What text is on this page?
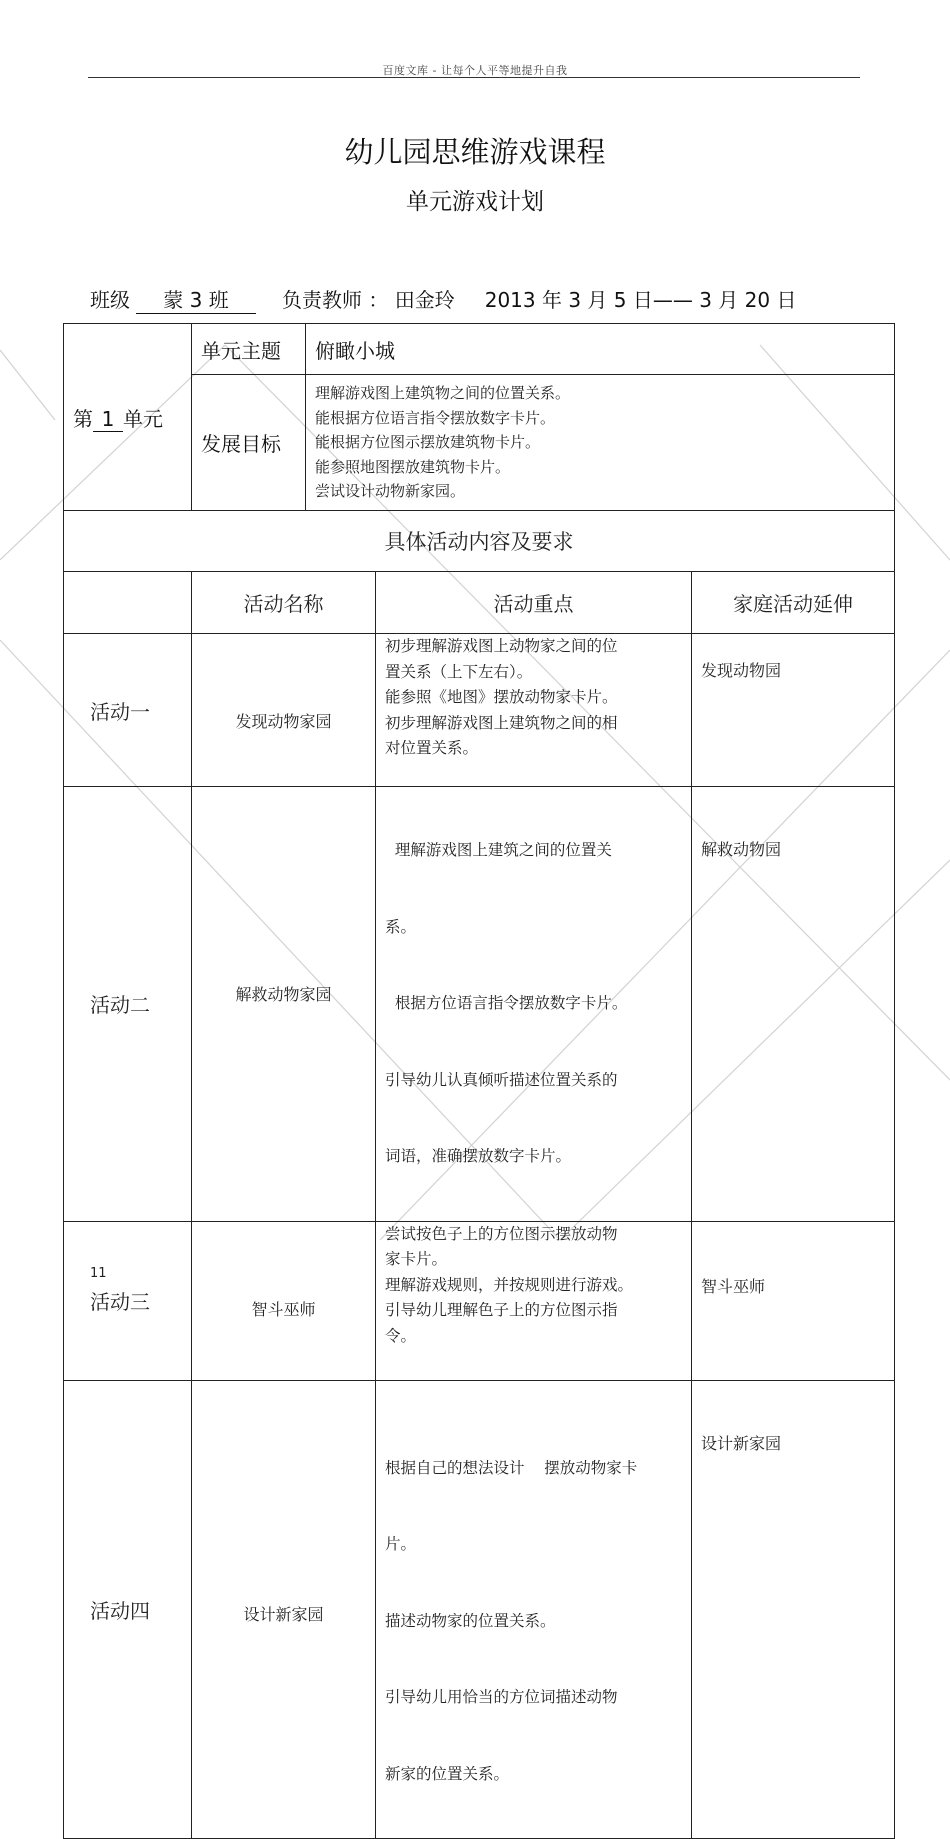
百度文库 - 让每个人平等地提升自我
幼儿园思维游戏课程
单元游戏计划
班级 蒙 3 班	负责教师 ： 田金玲 2013 年 3 月 5 日—— 3 月 20 日
第 1 单元	单元主题	俯瞰小城		
	发展目标	理解游戏图上建筑物之间的位置关系。
能根据方位语言指令摆放数字卡片。
能根据方位图示摆放建筑物卡片。
能参照地图摆放建筑物卡片。
尝试设计动物新家园。		

具体活动内容及要求				
	活动名称		活动重点	家庭活动延伸
活动一	发现动物家园		初步理解游戏图上动物家之间的位
置关系（上下左右）。
能参照《地图》摆放动物家卡片。
初步理解游戏图上建筑物之间的相
对位置关系。	发现动物园
活动二	解救动物家园		理解游戏图上建筑之间的位置关

系。

根据方位语言指令摆放数字卡片。

引导幼儿认真倾听描述位置关系的

词语，准确摆放数字卡片。	解救动物园
活动三	智斗巫师		尝试按色子上的方位图示摆放动物
家卡片。
理解游戏规则，并按规则进行游戏。
引导幼儿理解色子上的方位图示指
令。	智斗巫师
活动四	设计新家园		根据自己的想法设计    摆放动物家卡

片。

描述动物家的位置关系。

引导幼儿用恰当的方位词描述动物

新家的位置关系。	设计新家园
11
